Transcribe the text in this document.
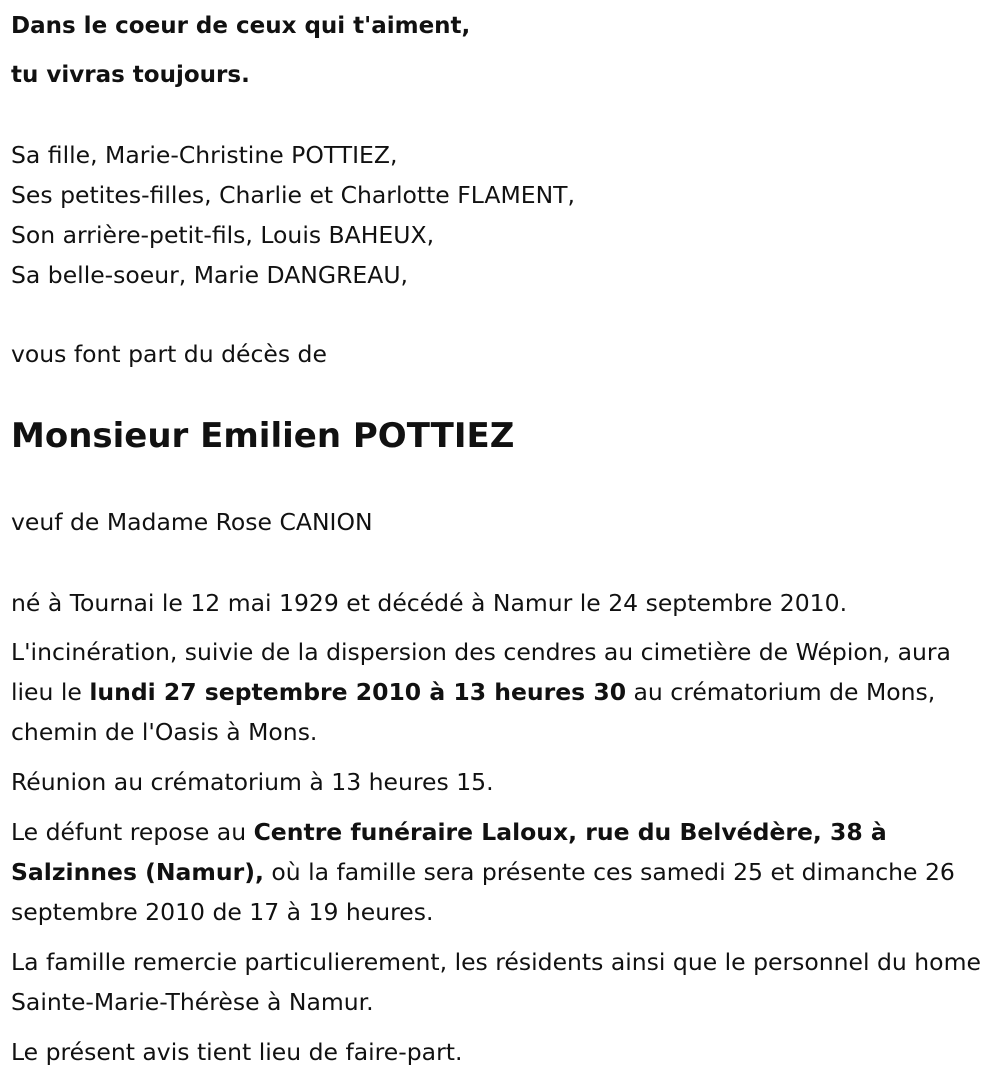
Dans le coeur de ceux qui t'aiment,
tu vivras toujours.
Sa fille, Marie-Christine POTTIEZ,
Ses petites-filles, Charlie et Charlotte FLAMENT,
Son arrière-petit-fils, Louis BAHEUX,
Sa belle-soeur, Marie DANGREAU,
vous font part du décès de
Monsieur Emilien POTTIEZ
veuf de Madame Rose CANION

né à Tournai le 12 mai 1929 et décédé à Namur le 24 septembre 2010.

L'incinération, suivie de la dispersion des cendres au cimetière de Wépion, aura lieu le lundi 27 septembre 2010 à 13 heures 30 au crématorium de Mons, chemin de l'Oasis à Mons.

Réunion au crématorium à 13 heures 15.

Le défunt repose au Centre funéraire Laloux, rue du Belvédère, 38 à Salzinnes (Namur), où la famille sera présente ces samedi 25 et dimanche 26 septembre 2010 de 17 à 19 heures.

La famille remercie particulierement, les résidents ainsi que le personnel du home Sainte-Marie-Thérèse à Namur.

Le présent avis tient lieu de faire-part.
